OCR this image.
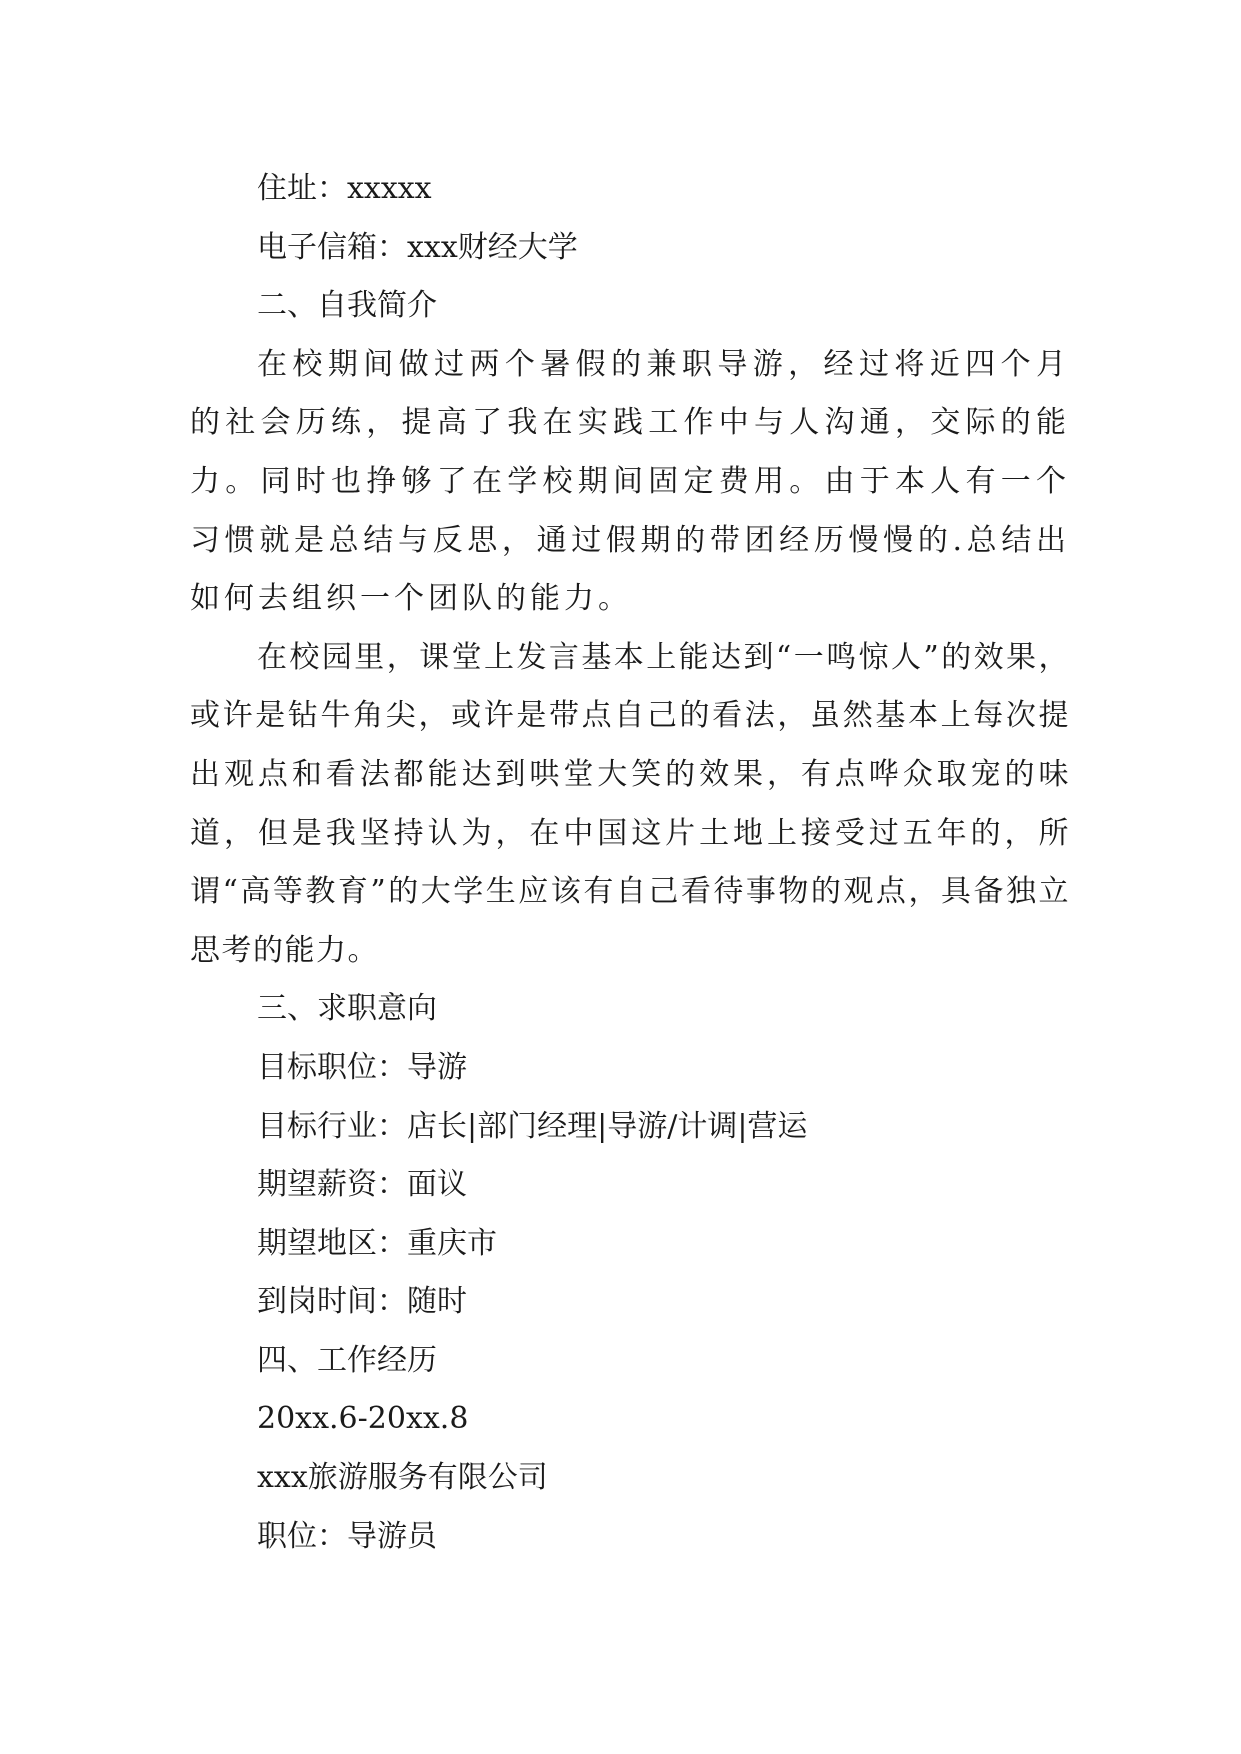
住址：xxxxx
电子信箱：xxx财经大学
二、自我简介
在校期间做过两个暑假的兼职导游，经过将近四个月的社会历练，提高了我在实践工作中与人沟通，交际的能力。同时也挣够了在学校期间固定费用。由于本人有一个习惯就是总结与反思，通过假期的带团经历慢慢的.总结出如何去组织一个团队的能力。
在校园里，课堂上发言基本上能达到“一鸣惊人”的效果，或许是钻牛角尖，或许是带点自己的看法，虽然基本上每次提出观点和看法都能达到哄堂大笑的效果，有点哗众取宠的味道，但是我坚持认为，在中国这片土地上接受过五年的，所谓“高等教育”的大学生应该有自己看待事物的观点，具备独立思考的能力。
三、求职意向
目标职位：导游
目标行业：店长|部门经理|导游/计调|营运
期望薪资：面议
期望地区：重庆市
到岗时间：随时
四、工作经历
20xx.6-20xx.8
xxx旅游服务有限公司
职位：导游员
